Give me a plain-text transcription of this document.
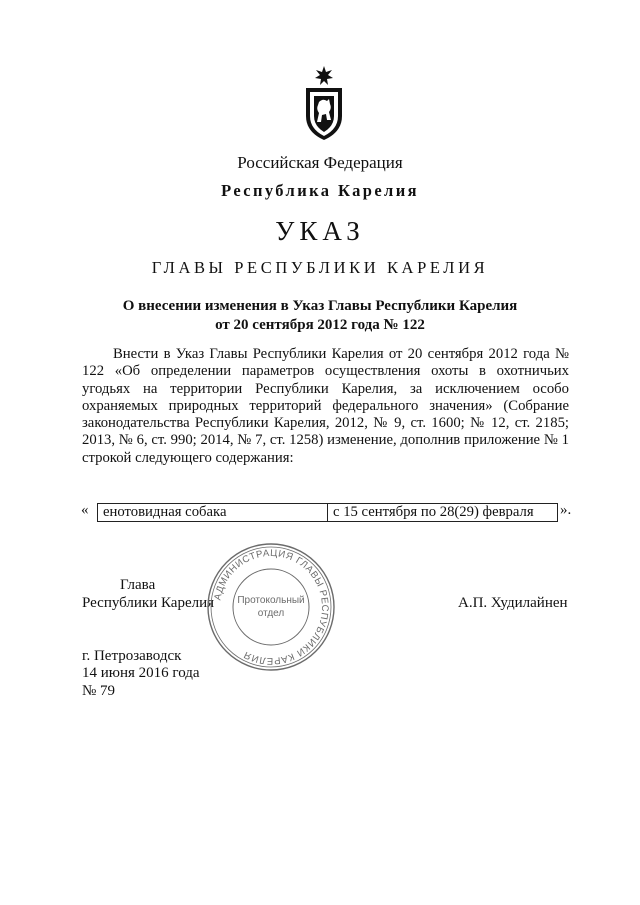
Российская Федерация
Республика Карелия
УКАЗ
ГЛАВЫ РЕСПУБЛИКИ КАРЕЛИЯ
О внесении изменения в Указ Главы Республики Карелия
от 20 сентября 2012 года № 122

Внести в Указ Главы Республики Карелия от 20 сентября 2012 года № 122 «Об определении параметров осуществления охоты в охотничьих угодьях на территории Республики Карелия, за исключением особо охраняемых природных территорий федерального значения» (Собрание законодательства Республики Карелия, 2012, № 9, ст. 1600; № 12, ст. 2185; 2013, № 6, ст. 990; 2014, № 7, ст. 1258) изменение, дополнив приложение № 1 строкой следующего содержания:

« енотовидная собака	с 15 сентября по 28(29) февраля ».
Глава
Республики Карелия	А.П. Худилайнен
АДМИНИСТРАЦИЯ ГЛАВЫ РЕСПУБЛИКИ КАРЕЛИЯ
Протокольный
отдел
г. Петрозаводск
14 июня 2016 года
№ 79
